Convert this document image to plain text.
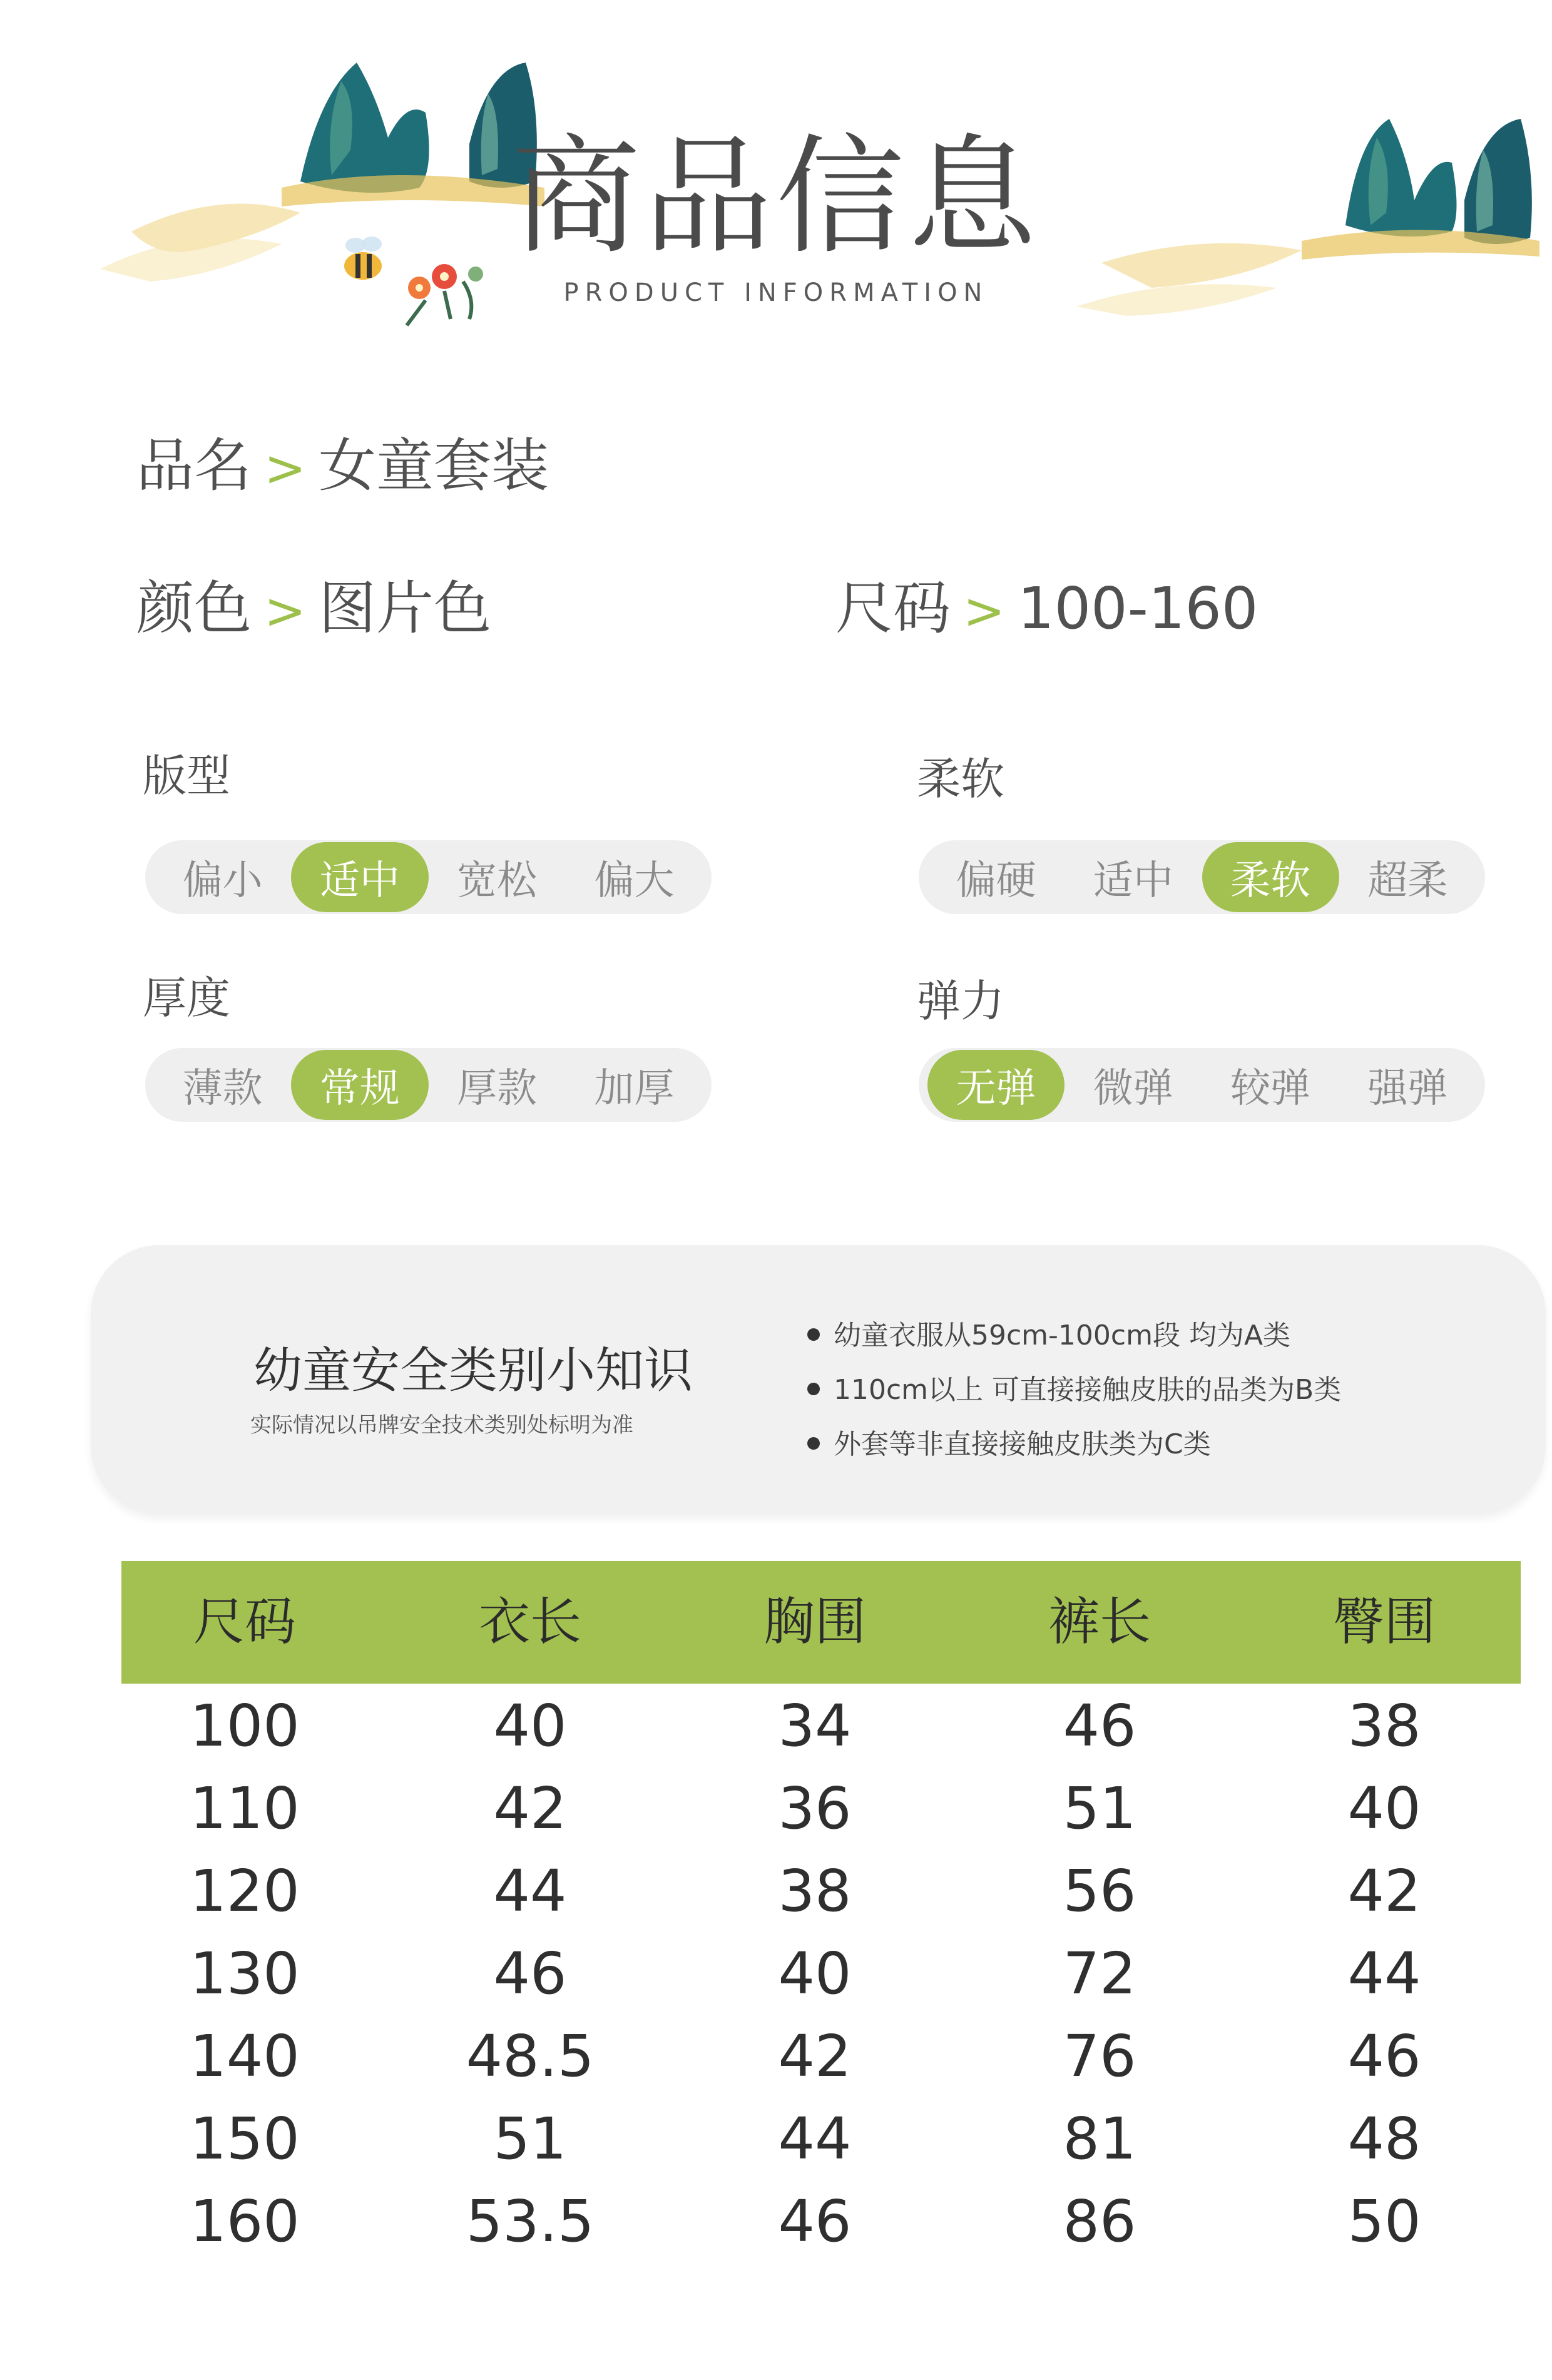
商品信息
PRODUCT INFORMATION
品名 > 女童套装
颜色 > 图片色	尺码 > 100-160
版型
偏小	适中	宽松	偏大
柔软
偏硬	适中	柔软	超柔
厚度
薄款	常规	厚款	加厚
弹力
无弹	微弹	较弹	强弹
幼童安全类别小知识
实际情况以吊牌安全技术类别处标明为准
幼童衣服从59cm-100cm段 均为A类
110cm以上 可直接接触皮肤的品类为B类
外套等非直接接触皮肤类为C类
尺码	衣长	胸围	裤长	臀围
100	40	34	46	38
110	42	36	51	40
120	44	38	56	42
130	46	40	72	44
140	48.5	42	76	46
150	51	44	81	48
160	53.5	46	86	50
